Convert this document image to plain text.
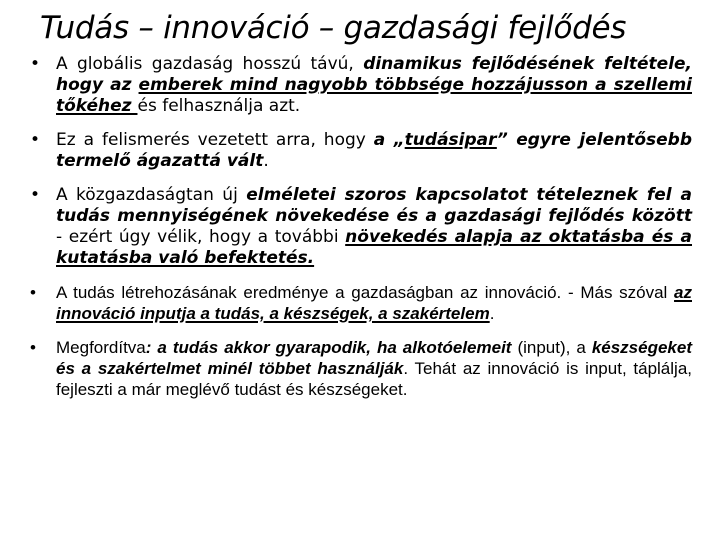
Tudás – innováció – gazdasági fejlődés
• A globális gazdaság hosszú távú, dinamikus fejlődésének feltétele, hogy az emberek mind nagyobb többsége hozzájusson a szellemi tőkéhez és felhasználja azt.
• Ez a felismerés vezetett arra, hogy a „tudásipar” egyre jelentősebb termelő ágazattá vált.
• A közgazdaságtan új elméletei szoros kapcsolatot tételeznek fel a tudás mennyiségének növekedése és a gazdasági fejlődés között - ezért úgy vélik, hogy a további növekedés alapja az oktatásba és a kutatásba való befektetés.
• A tudás létrehozásának eredménye a gazdaságban az innováció. - Más szóval az innováció inputja a tudás, a készségek, a szakértelem.
• Megfordítva: a tudás akkor gyarapodik, ha alkotóelemeit (input), a készségeket és a szakértelmet minél többet használják. Tehát az innováció is input, táplálja, fejleszti a már meglévő tudást és készségeket.
